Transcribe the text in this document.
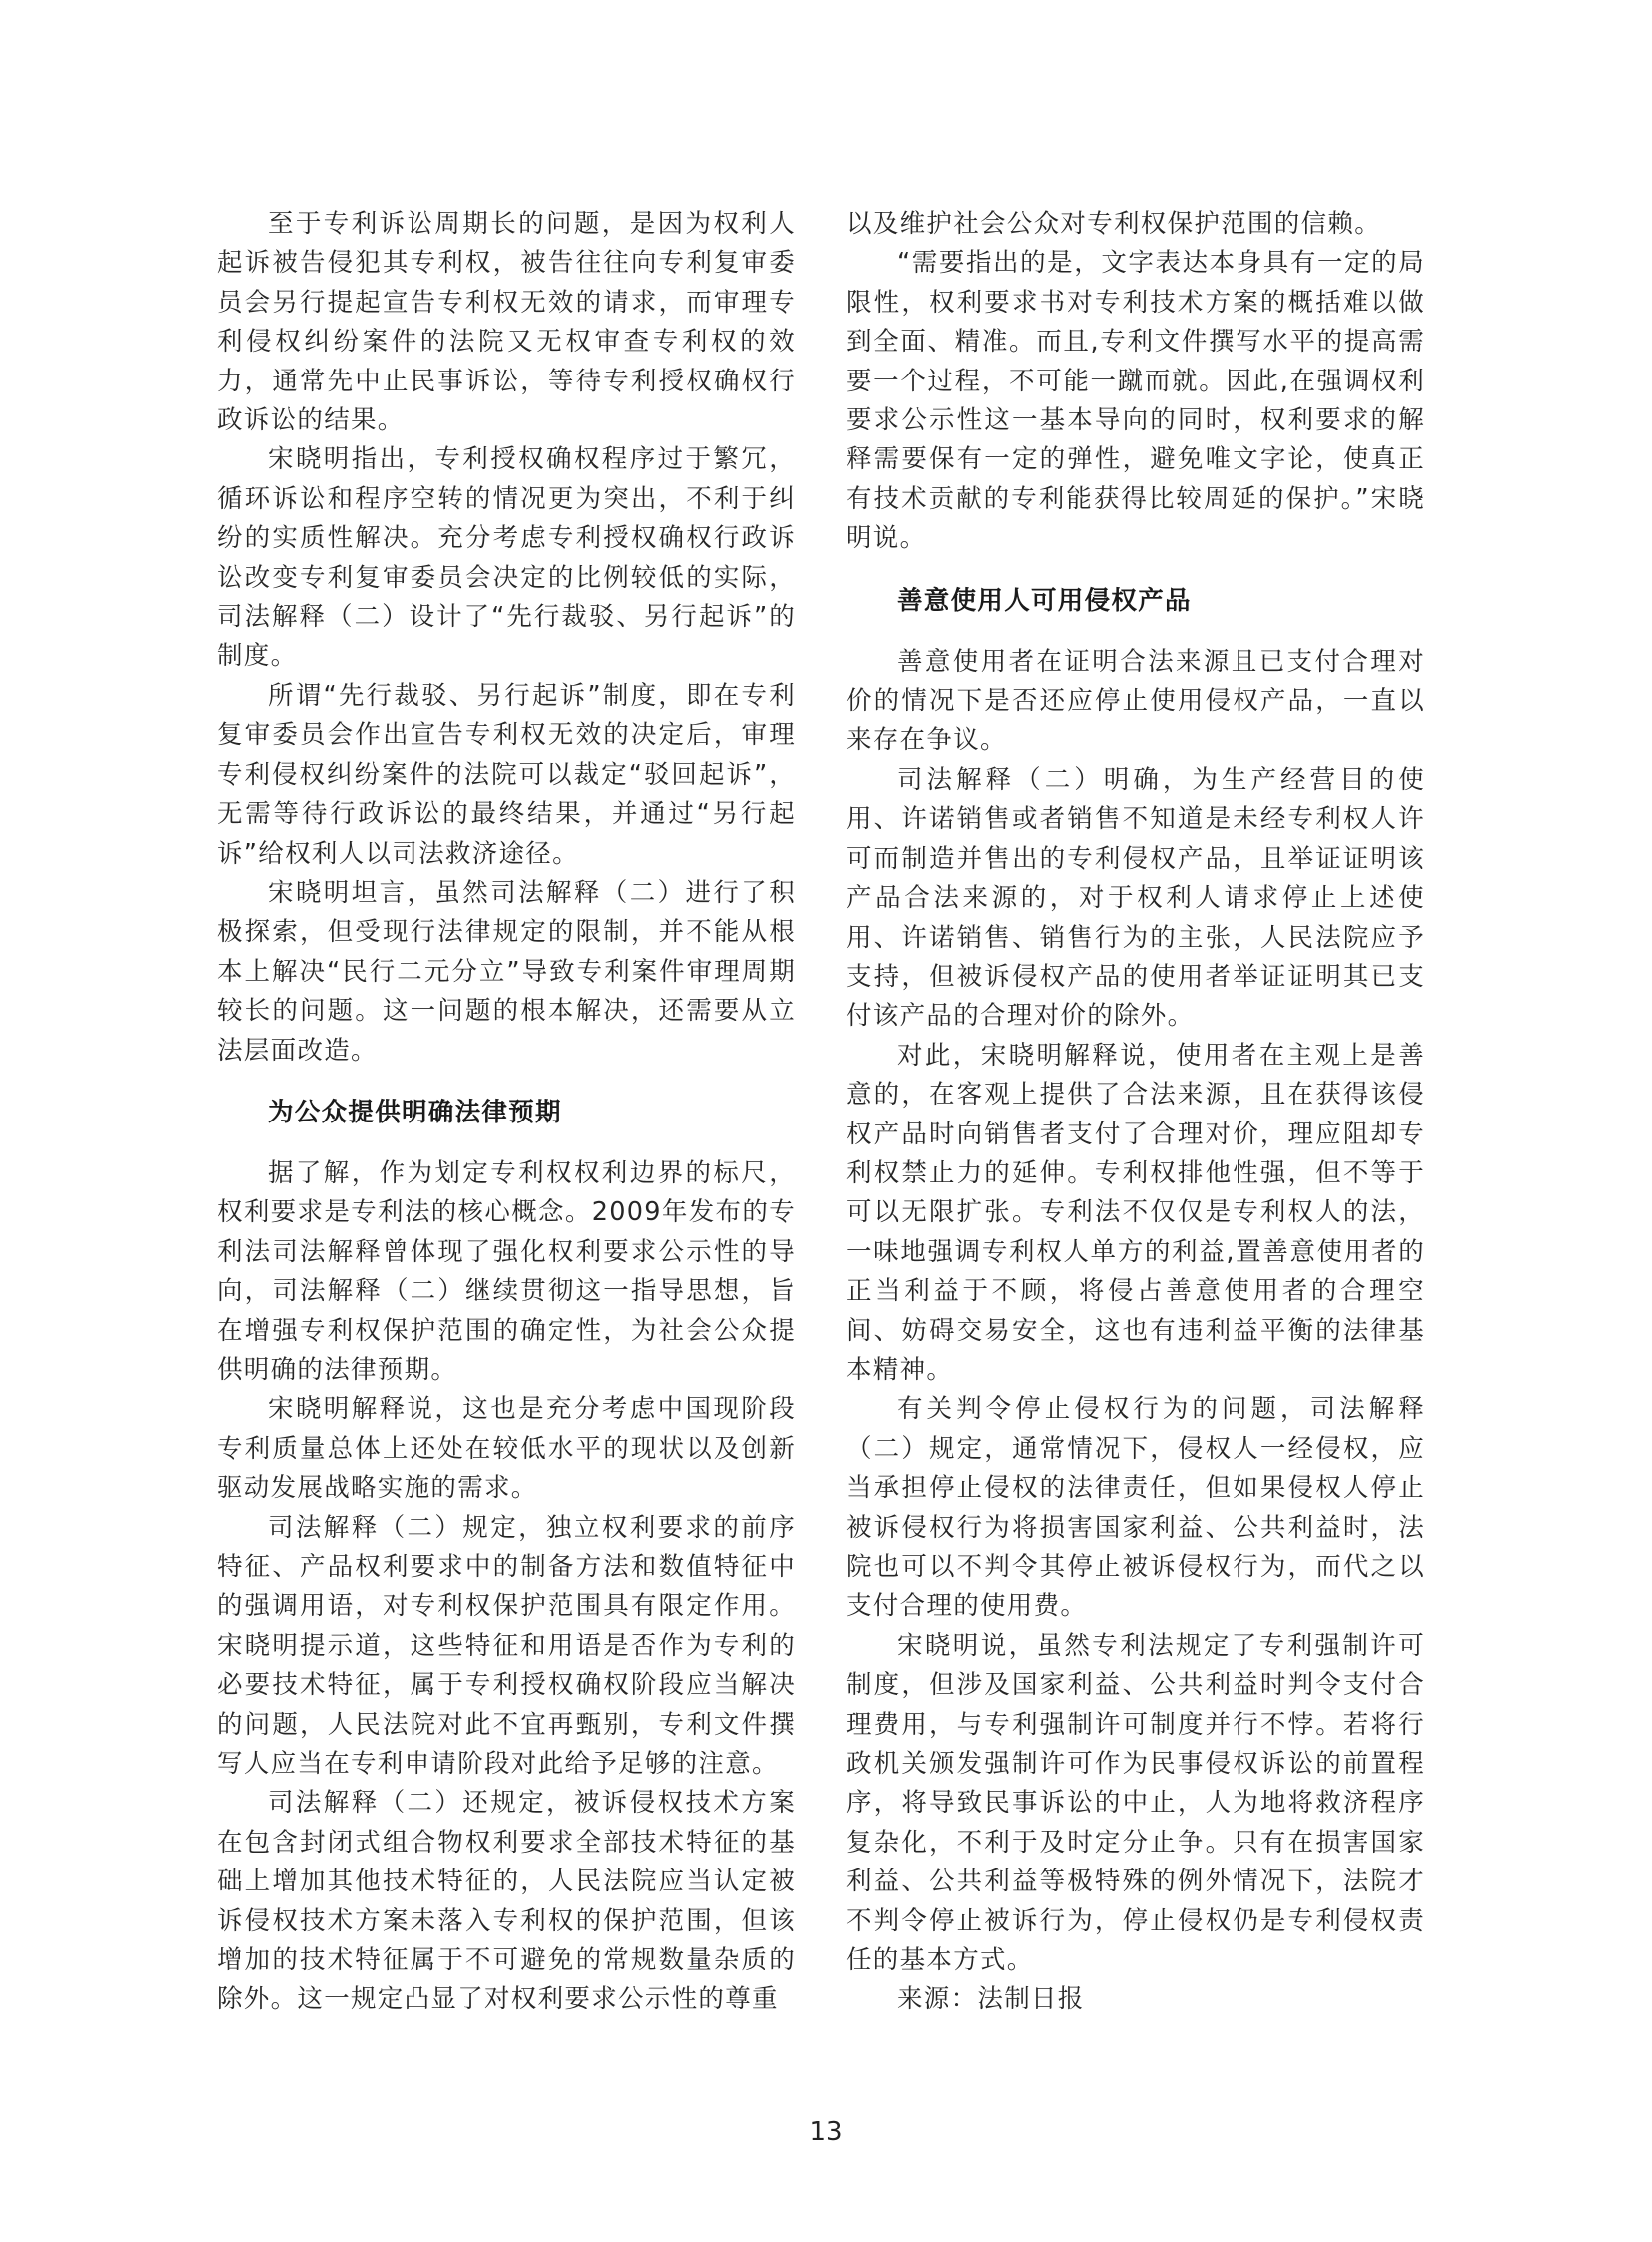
至于专利诉讼周期长的问题，是因为权利人起诉被告侵犯其专利权，被告往往向专利复审委员会另行提起宣告专利权无效的请求，而审理专利侵权纠纷案件的法院又无权审查专利权的效力，通常先中止民事诉讼，等待专利授权确权行政诉讼的结果。

宋晓明指出，专利授权确权程序过于繁冗，循环诉讼和程序空转的情况更为突出，不利于纠纷的实质性解决。充分考虑专利授权确权行政诉讼改变专利复审委员会决定的比例较低的实际，司法解释（二）设计了“先行裁驳、另行起诉”的制度。

所谓“先行裁驳、另行起诉”制度，即在专利复审委员会作出宣告专利权无效的决定后，审理专利侵权纠纷案件的法院可以裁定“驳回起诉”，无需等待行政诉讼的最终结果，并通过“另行起诉”给权利人以司法救济途径。

宋晓明坦言，虽然司法解释（二）进行了积极探索，但受现行法律规定的限制，并不能从根本上解决“民行二元分立”导致专利案件审理周期较长的问题。这一问题的根本解决，还需要从立法层面改造。

为公众提供明确法律预期

据了解，作为划定专利权权利边界的标尺，权利要求是专利法的核心概念。2009年发布的专利法司法解释曾体现了强化权利要求公示性的导向，司法解释（二）继续贯彻这一指导思想，旨在增强专利权保护范围的确定性，为社会公众提供明确的法律预期。

宋晓明解释说，这也是充分考虑中国现阶段专利质量总体上还处在较低水平的现状以及创新驱动发展战略实施的需求。

司法解释（二）规定，独立权利要求的前序特征、产品权利要求中的制备方法和数值特征中的强调用语，对专利权保护范围具有限定作用。宋晓明提示道，这些特征和用语是否作为专利的必要技术特征，属于专利授权确权阶段应当解决的问题，人民法院对此不宜再甄别，专利文件撰写人应当在专利申请阶段对此给予足够的注意。

司法解释（二）还规定，被诉侵权技术方案在包含封闭式组合物权利要求全部技术特征的基础上增加其他技术特征的，人民法院应当认定被诉侵权技术方案未落入专利权的保护范围，但该增加的技术特征属于不可避免的常规数量杂质的除外。这一规定凸显了对权利要求公示性的尊重

以及维护社会公众对专利权保护范围的信赖。

“需要指出的是，文字表达本身具有一定的局限性，权利要求书对专利技术方案的概括难以做到全面、精准。而且,专利文件撰写水平的提高需要一个过程，不可能一蹴而就。因此,在强调权利要求公示性这一基本导向的同时，权利要求的解释需要保有一定的弹性，避免唯文字论，使真正有技术贡献的专利能获得比较周延的保护。”宋晓明说。

善意使用人可用侵权产品

善意使用者在证明合法来源且已支付合理对价的情况下是否还应停止使用侵权产品，一直以来存在争议。

司法解释（二）明确，为生产经营目的使用、许诺销售或者销售不知道是未经专利权人许可而制造并售出的专利侵权产品，且举证证明该产品合法来源的，对于权利人请求停止上述使用、许诺销售、销售行为的主张，人民法院应予支持，但被诉侵权产品的使用者举证证明其已支付该产品的合理对价的除外。

对此，宋晓明解释说，使用者在主观上是善意的，在客观上提供了合法来源，且在获得该侵权产品时向销售者支付了合理对价，理应阻却专利权禁止力的延伸。专利权排他性强，但不等于可以无限扩张。专利法不仅仅是专利权人的法，一味地强调专利权人单方的利益,置善意使用者的正当利益于不顾，将侵占善意使用者的合理空间、妨碍交易安全，这也有违利益平衡的法律基本精神。

有关判令停止侵权行为的问题，司法解释（二）规定，通常情况下，侵权人一经侵权，应当承担停止侵权的法律责任，但如果侵权人停止被诉侵权行为将损害国家利益、公共利益时，法院也可以不判令其停止被诉侵权行为，而代之以支付合理的使用费。

宋晓明说，虽然专利法规定了专利强制许可制度，但涉及国家利益、公共利益时判令支付合理费用，与专利强制许可制度并行不悖。若将行政机关颁发强制许可作为民事侵权诉讼的前置程序，将导致民事诉讼的中止，人为地将救济程序复杂化，不利于及时定分止争。只有在损害国家利益、公共利益等极特殊的例外情况下，法院才不判令停止被诉行为，停止侵权仍是专利侵权责任的基本方式。

来源：法制日报

13
